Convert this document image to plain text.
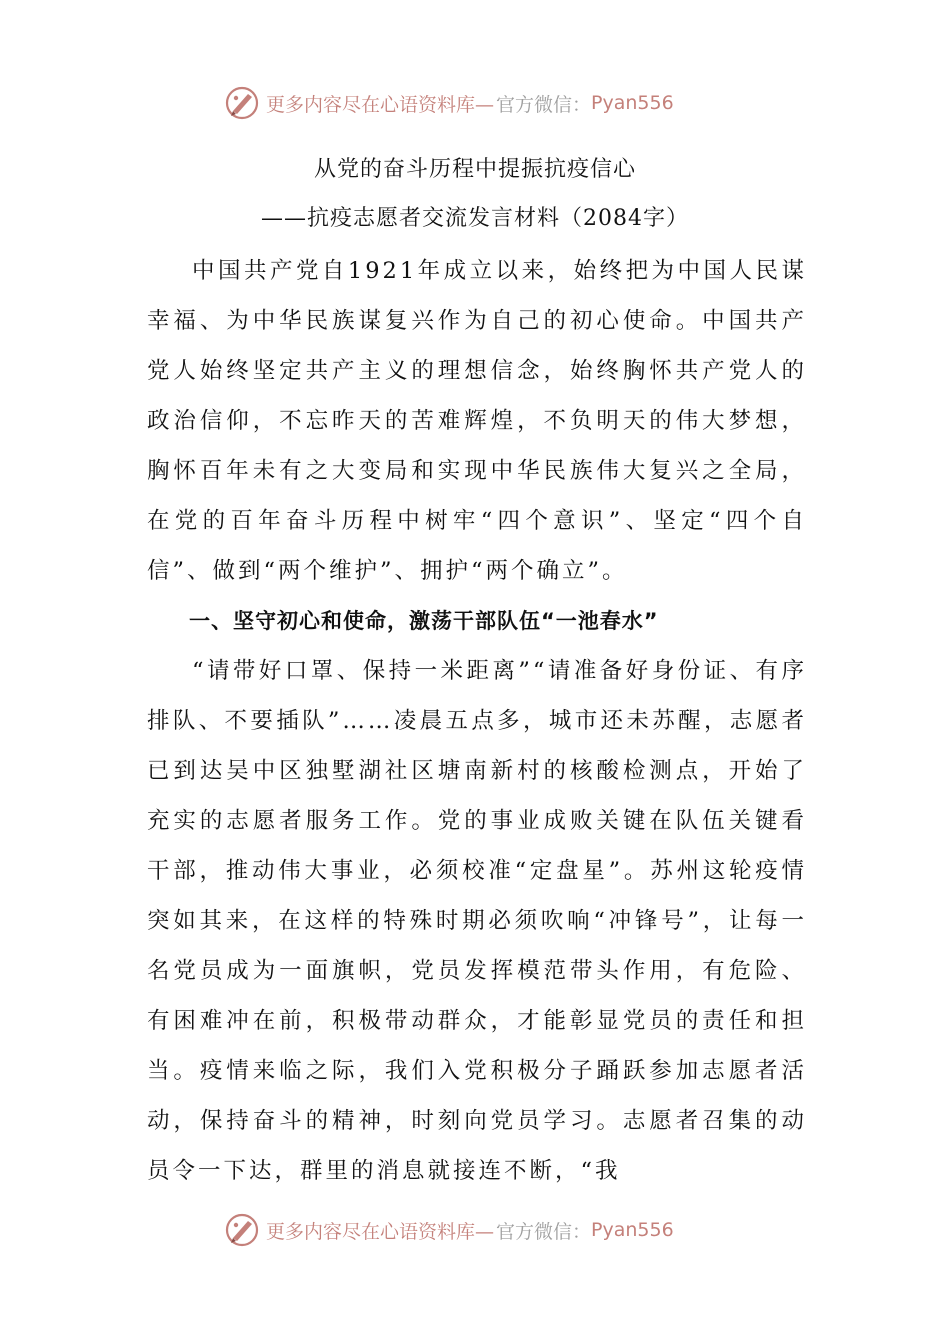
更多内容尽在心语资料库— 官方微信： Pyan556
从党的奋斗历程中提振抗疫信心
——抗疫志愿者交流发言材料（2084字）

中国共产党自1921年成立以来，始终把为中国人民谋幸福、为中华民族谋复兴作为自己的初心使命。中国共产党人始终坚定共产主义的理想信念，始终胸怀共产党人的政治信仰，不忘昨天的苦难辉煌，不负明天的伟大梦想，胸怀百年未有之大变局和实现中华民族伟大复兴之全局，在党的百年奋斗历程中树牢“四个意识”、坚定“四个自信”、做到“两个维护”、拥护“两个确立”。

一、坚守初心和使命，激荡干部队伍“一池春水”

“请带好口罩、保持一米距离”“请准备好身份证、有序排队、不要插队”……凌晨五点多，城市还未苏醒，志愿者已到达吴中区独墅湖社区塘南新村的核酸检测点，开始了充实的志愿者服务工作。党的事业成败关键在队伍关键看干部，推动伟大事业，必须校准“定盘星”。苏州这轮疫情突如其来，在这样的特殊时期必须吹响“冲锋号”，让每一名党员成为一面旗帜，党员发挥模范带头作用，有危险、有困难冲在前，积极带动群众，才能彰显党员的责任和担当。疫情来临之际，我们入党积极分子踊跃参加志愿者活动，保持奋斗的精神，时刻向党员学习。志愿者召集的动员令一下达，群里的消息就接连不断，“我

更多内容尽在心语资料库— 官方微信： Pyan556
